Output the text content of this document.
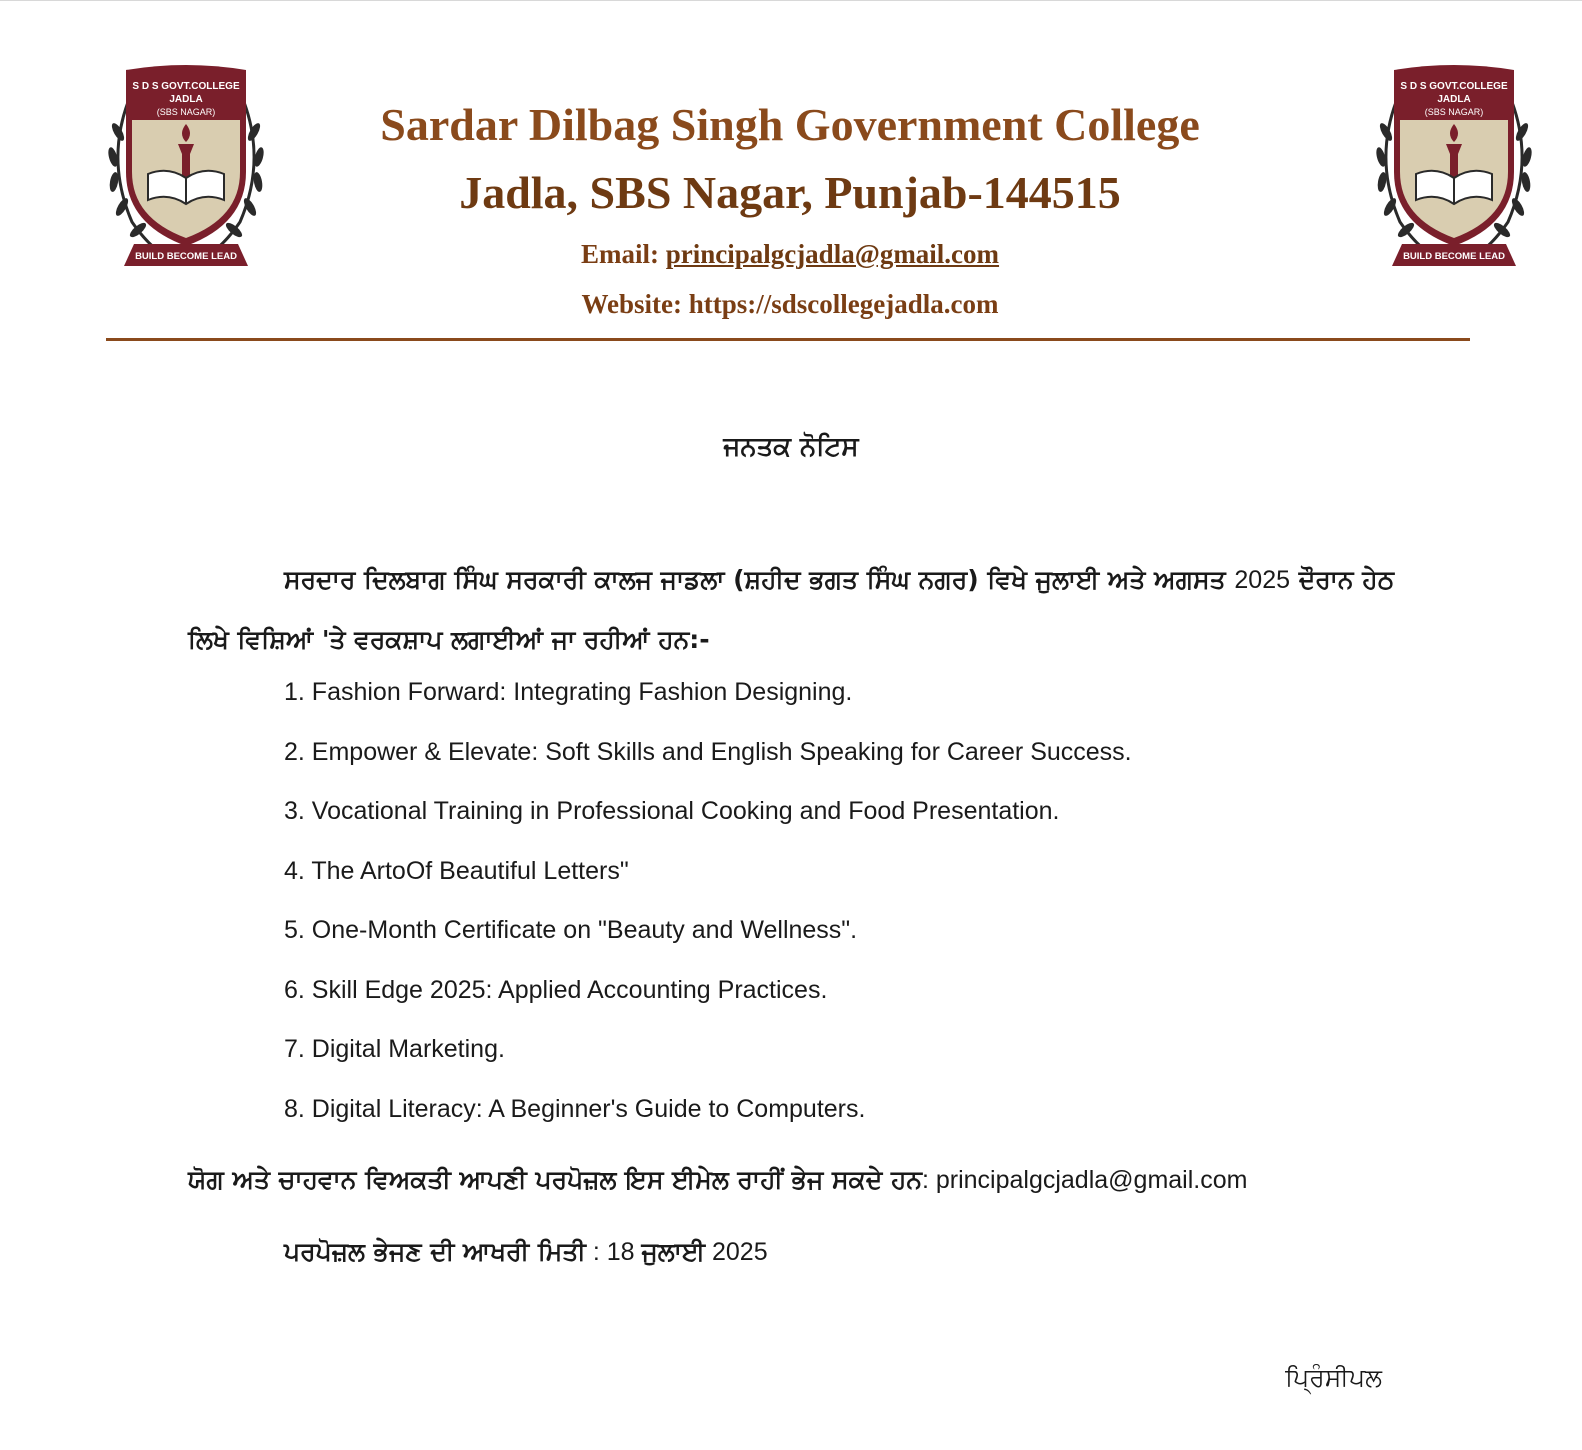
S D S GOVT.COLLEGE
JADLA
(SBS NAGAR)
BUILD BECOME LEAD
S D S GOVT.COLLEGE
JADLA
(SBS NAGAR)
BUILD BECOME LEAD
Sardar Dilbag Singh Government College
Jadla, SBS Nagar, Punjab-144515
Email: principalgcjadla@gmail.com
Website: https://sdscollegejadla.com
ਜਨਤਕ ਨੋਟਿਸ
ਸਰਦਾਰ ਦਿਲਬਾਗ ਸਿੰਘ ਸਰਕਾਰੀ ਕਾਲਜ ਜਾਡਲਾ (ਸ਼ਹੀਦ ਭਗਤ ਸਿੰਘ ਨਗਰ) ਵਿਖੇ ਜੁਲਾਈ ਅਤੇ ਅਗਸਤ 2025 ਦੌਰਾਨ ਹੇਠ ਲਿਖੇ ਵਿਸ਼ਿਆਂ 'ਤੇ ਵਰਕਸ਼ਾਪ ਲਗਾਈਆਂ ਜਾ ਰਹੀਆਂ ਹਨ:-
1. Fashion Forward: Integrating Fashion Designing.
2. Empower & Elevate: Soft Skills and English Speaking for Career Success.
3. Vocational Training in Professional Cooking and Food Presentation.
4. The ArtoOf Beautiful Letters"
5. One-Month Certificate on "Beauty and Wellness".
6. Skill Edge 2025: Applied Accounting Practices.
7. Digital Marketing.
8. Digital Literacy: A Beginner's Guide to Computers.
ਯੋਗ ਅਤੇ ਚਾਹਵਾਨ ਵਿਅਕਤੀ ਆਪਣੀ ਪਰਪੋਜ਼ਲ ਇਸ ਈਮੇਲ ਰਾਹੀਂ ਭੇਜ ਸਕਦੇ ਹਨ: principalgcjadla@gmail.com
ਪਰਪੋਜ਼ਲ ਭੇਜਣ ਦੀ ਆਖਰੀ ਮਿਤੀ : 18 ਜੁਲਾਈ 2025
ਪ੍ਰਿੰਸੀਪਲ
